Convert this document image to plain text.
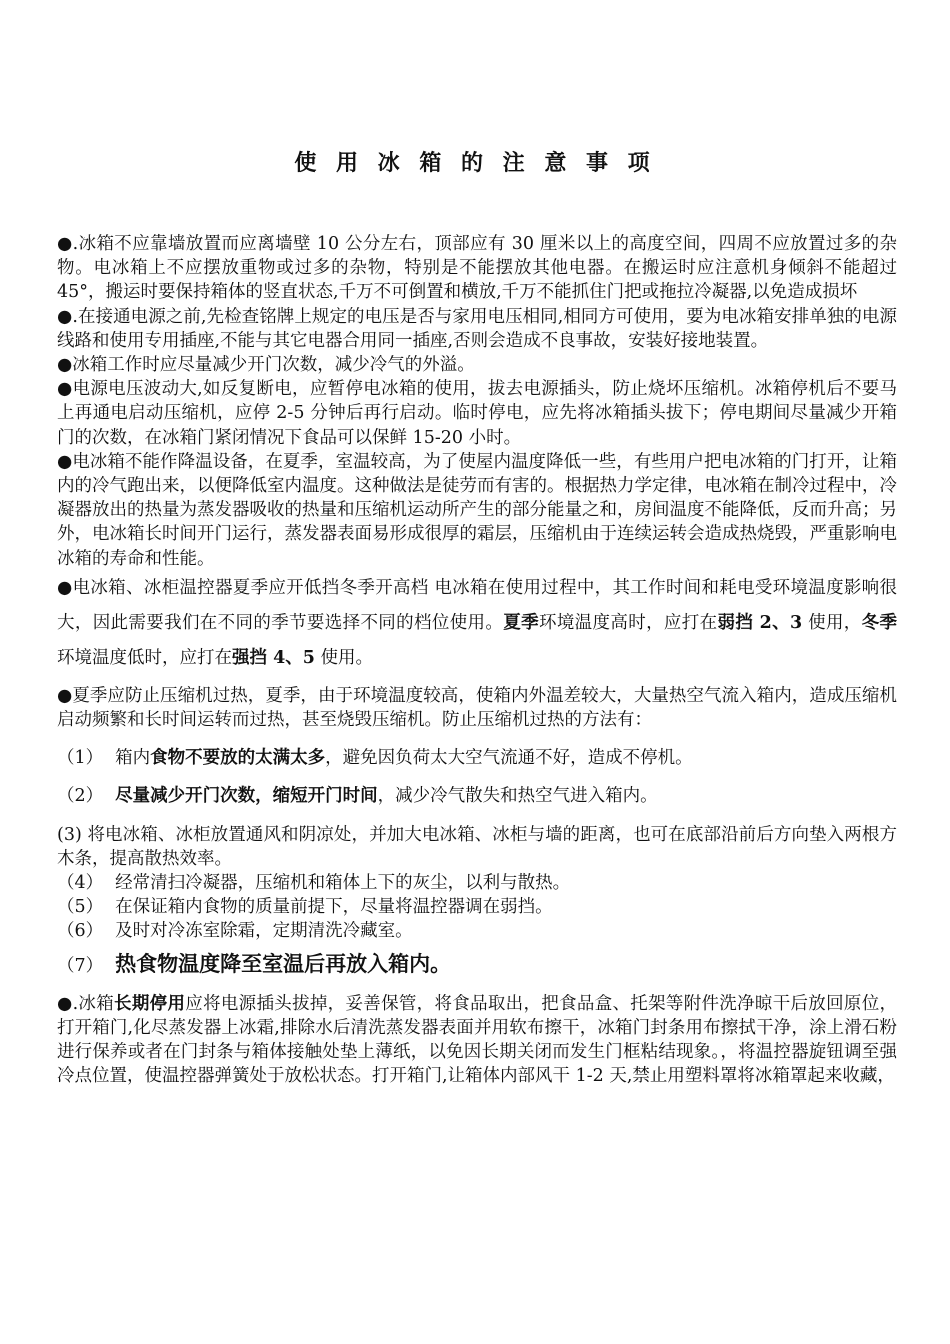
使 用 冰 箱 的 注 意 事 项

●.冰箱不应靠墙放置而应离墙壁 10 公分左右，顶部应有 30 厘米以上的高度空间，四周不应放置过多的杂物。电冰箱上不应摆放重物或过多的杂物，特别是不能摆放其他电器。在搬运时应注意机身倾斜不能超过 45°，搬运时要保持箱体的竖直状态,千万不可倒置和横放,千万不能抓住门把或拖拉冷凝器,以免造成损坏

●.在接通电源之前,先检查铭牌上规定的电压是否与家用电压相同,相同方可使用，要为电冰箱安排单独的电源线路和使用专用插座,不能与其它电器合用同一插座,否则会造成不良事故，安装好接地装置。

●冰箱工作时应尽量减少开门次数，减少冷气的外溢。

●电源电压波动大,如反复断电，应暂停电冰箱的使用，拔去电源插头，防止烧坏压缩机。冰箱停机后不要马上再通电启动压缩机，应停 2-5 分钟后再行启动。临时停电，应先将冰箱插头拔下；停电期间尽量减少开箱门的次数，在冰箱门紧闭情况下食品可以保鲜 15-20 小时。

●电冰箱不能作降温设备，在夏季，室温较高，为了使屋内温度降低一些，有些用户把电冰箱的门打开，让箱内的冷气跑出来，以便降低室内温度。这种做法是徒劳而有害的。根据热力学定律，电冰箱在制冷过程中，冷凝器放出的热量为蒸发器吸收的热量和压缩机运动所产生的部分能量之和，房间温度不能降低，反而升高；另外，电冰箱长时间开门运行，蒸发器表面易形成很厚的霜层，压缩机由于连续运转会造成热烧毁，严重影响电冰箱的寿命和性能。

●电冰箱、冰柜温控器夏季应开低挡冬季开高档 电冰箱在使用过程中，其工作时间和耗电受环境温度影响很大，因此需要我们在不同的季节要选择不同的档位使用。夏季环境温度高时，应打在弱挡 2、3 使用，冬季环境温度低时，应打在强挡 4、5 使用。

●夏季应防止压缩机过热，夏季，由于环境温度较高，使箱内外温差较大，大量热空气流入箱内，造成压缩机启动频繁和长时间运转而过热，甚至烧毁压缩机。防止压缩机过热的方法有：

（1） 箱内食物不要放的太满太多，避免因负荷太大空气流通不好，造成不停机。

（2） 尽量减少开门次数，缩短开门时间，减少冷气散失和热空气进入箱内。

(3) 将电冰箱、冰柜放置通风和阴凉处，并加大电冰箱、冰柜与墙的距离，也可在底部沿前后方向垫入两根方木条，提高散热效率。

（4） 经常清扫冷凝器，压缩机和箱体上下的灰尘，以利与散热。

（5） 在保证箱内食物的质量前提下，尽量将温控器调在弱挡。

（6） 及时对冷冻室除霜，定期清洗冷藏室。

（7） 热食物温度降至室温后再放入箱内。

●.冰箱长期停用应将电源插头拔掉，妥善保管，将食品取出，把食品盒、托架等附件洗净晾干后放回原位，打开箱门,化尽蒸发器上冰霜,排除水后清洗蒸发器表面并用软布擦干，冰箱门封条用布擦拭干净，涂上滑石粉进行保养或者在门封条与箱体接触处垫上薄纸，以免因长期关闭而发生门框粘结现象。，将温控器旋钮调至强冷点位置，使温控器弹簧处于放松状态。打开箱门,让箱体内部风干 1-2 天,禁止用塑料罩将冰箱罩起来收藏，
